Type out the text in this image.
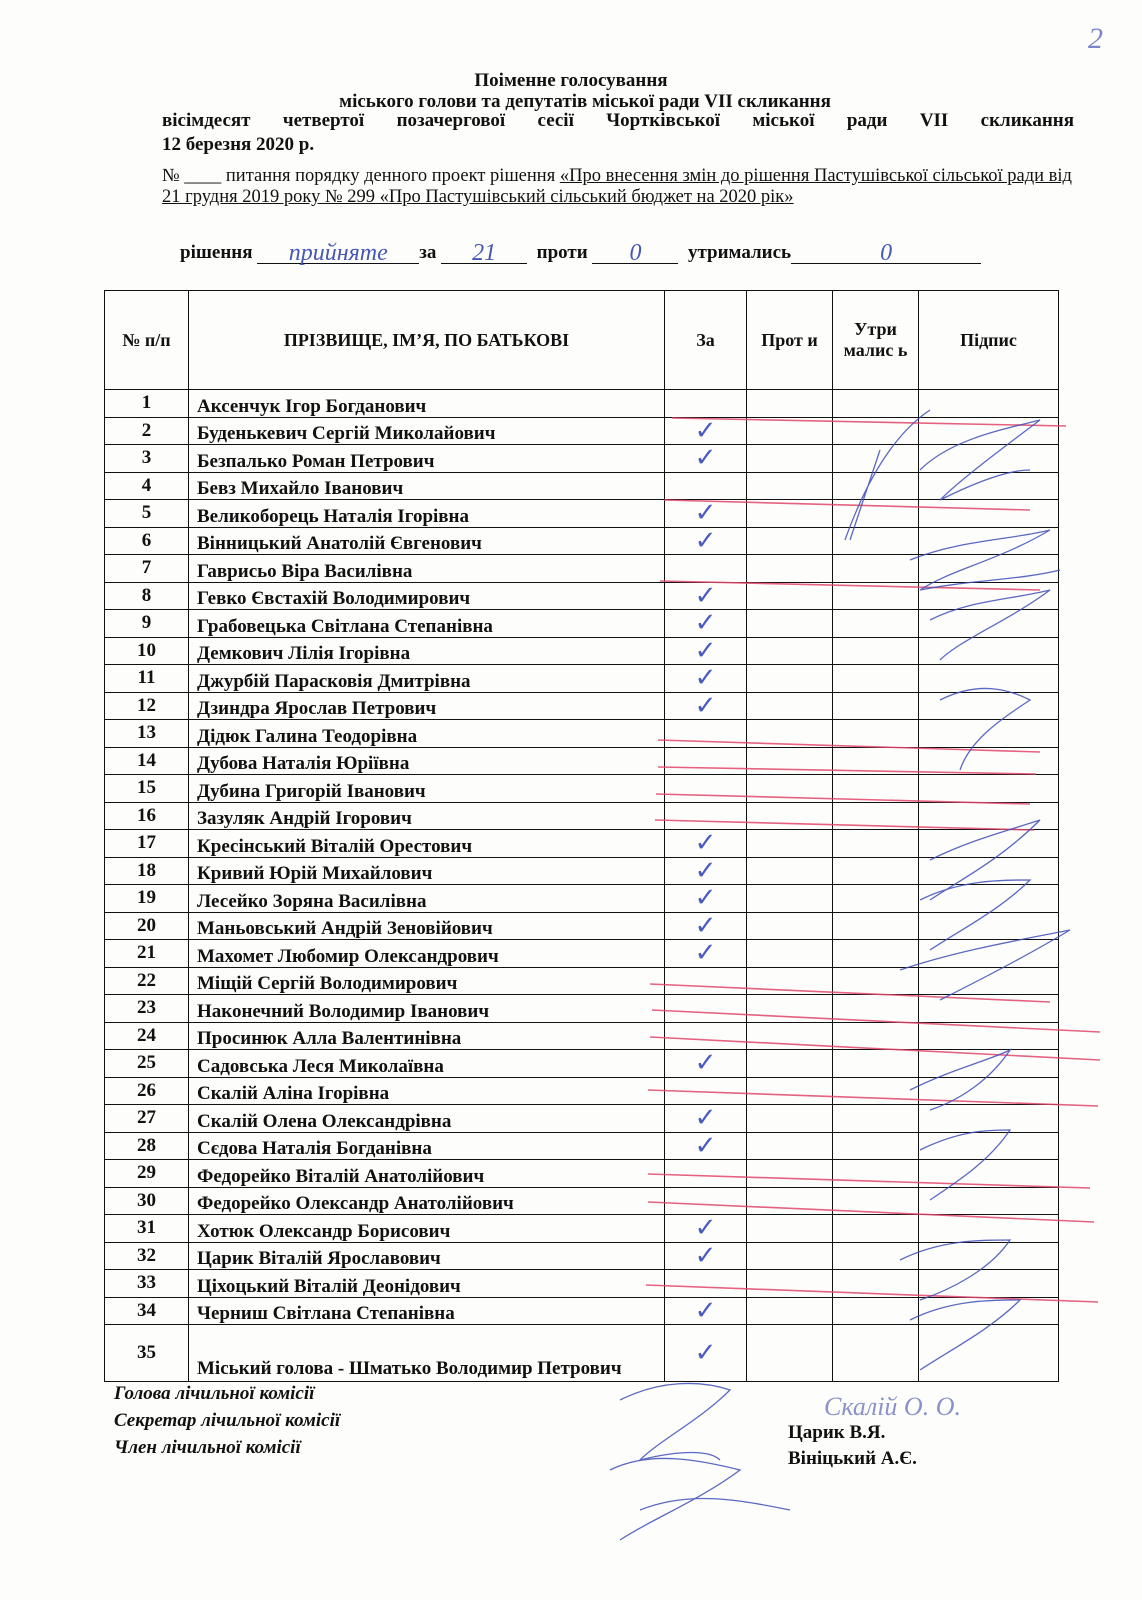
2
Поіменне голосування
міського голови та депутатів міської ради VII скликання
вісімдесят четвертої позачергової сесії Чортківської міської ради VII скликання
12 березня 2020 р.
№ ____ питання порядку денного проект рішення «Про внесення змін до рішення Пастушівської сільської ради від 21 грудня 2019 року № 299 «Про Пастушівський сільський бюджет на 2020 рік»
рішення прийняте за 21 проти 0 утримались	0
№ п/п	ПРІЗВИЩЕ, ІМ’Я, ПО БАТЬКОВІ	За	Прот и	Утри малис ь	Підпис
1	Аксенчук Ігор Богданович				
2	Буденькевич Сергій Миколайович	✓			
3	Безпалько Роман Петрович	✓			
4	Бевз Михайло Іванович				
5	Великоборець Наталія Ігорівна	✓			
6	Вінницький Анатолій Євгенович	✓			
7	Гаврисьо Віра Василівна				
8	Гевко Євстахій Володимирович	✓			
9	Грабовецька Світлана Степанівна	✓			
10	Демкович Лілія Ігорівна	✓			
11	Джурбій Парасковія Дмитрівна	✓			
12	Дзиндра Ярослав Петрович	✓			
13	Дідюк Галина Теодорівна				
14	Дубова Наталія Юріївна				
15	Дубина Григорій Іванович				
16	Зазуляк Андрій Ігорович				
17	Кресінський Віталій Орестович	✓			
18	Кривий Юрій Михайлович	✓			
19	Лесейко Зоряна Василівна	✓			
20	Маньовський Андрій Зеновійович	✓			
21	Махомет Любомир Олександрович	✓			
22	Міщій Сергій Володимирович				
23	Наконечний Володимир Іванович				
24	Просинюк Алла Валентинівна				
25	Садовська Леся Миколаївна	✓			
26	Скалій Аліна Ігорівна				
27	Скалій Олена Олександрівна	✓			
28	Сєдова Наталія Богданівна	✓			
29	Федорейко Віталій Анатолійович				
30	Федорейко Олександр Анатолійович				
31	Хотюк Олександр Борисович	✓			
32	Царик Віталій Ярославович	✓			
33	Ціхоцький Віталій Деонідович				
34	Черниш Світлана Степанівна	✓			
35	Міський голова - Шматько Володимир Петрович	✓			
Голова лічильної комісії
Секретар лічильної комісії
Член лічильної комісії
Скалій О. О.
Царик В.Я.
Вініцький А.Є.
